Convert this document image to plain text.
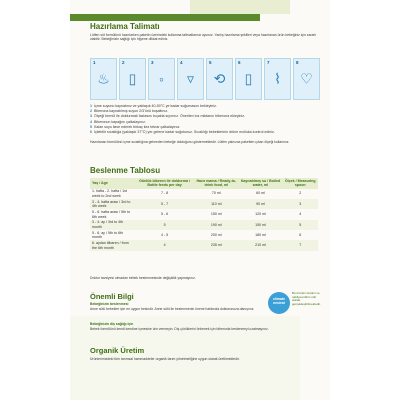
Hazırlama Talimatı
Lütfen süt formülünü hazırlarken paketin üzerindeki kullanma talimatlarına uyunuz. Yanlış hazırlama şekilleri veya hazırlanan ürün bebeğiniz için zararlı olabilir. Bebeğinizin sağlığı için hijyene dikkat ediniz.
1
♨
2
▯
3
◦
4
▿
5
⟲
6
▯
7
⌇
8
♡
1 İçme suyunu kaynatınız ve yaklaşık 40-50°C ye kadar soğumasını bekleyiniz.
2 Biberona kaynatılmış suyun 2/3'ünü boşaltınız.
3 Ölçeği formül ile doldurarak fazlasını bıçakla sıyırınız. Önerilen toz miktarını biberona ekleyiniz.
4 Biberonun kapağını çalkalayınız.
5 Kalan suyu ilave ederek birkaç kez tekrar çalkalayınız.
6 İçilebilir sıcaklığa (yaklaşık 37°C) yer gelene kadar soğutunuz. Sıcaklığı bebeklerinin drüne molluka kontrol ediniz.
Hazırlanan formülünü içme sıcaklığına gelmeden bebeğe dolduğunu göstermektedir. Lütfen yalnızca paketten çıkan ölçeği kullanınız.
Beslenme Tablosu
Yaş / Age	Günlük biberon ile doldurma / Bottle feeds per day	Hazır mama / Ready-to-drink food, ml	Kaynatılmış su / Boiled water, ml	Ölçek / Measuring spoon
1. hafta - 2. hafta / 1st week to 2nd week	7 - 8	70 ml	60 ml	2
3 - 4. hafta arası / 3rd to 4th week	5 - 7	110 ml	90 ml	3
5 - 6. hafta arası / 5th to 6th week	5 - 6	150 ml	120 ml	4
3 - 4. ay / 3rd to 4th month	5	190 ml	150 ml	5
5 - 6. ay / 5th to 6th month	4 - 5	200 ml	180 ml	6
6. aydan itibaren / from the 6th month	4	235 ml	210 ml	7
Doktor tavsiyesi olmadan bebek beslenmesinde değişiklik yapmayınız.
Önemli Bilgi
Bebeğinizin beslenmesi
Anne sütü bebekler için en uygun besindir. Anne sütü ile beslenmenin önemi hakkında doktorunuza danışınız.
Bebeğinizin diş sağlığı için
Bebek formülünü kendi kendine içmesine izin vermeyin. Diş çürüklerini önlemek için biberonla beslenmeyi uzatmayınız.
climate neutral
Bu ürünün üretimi ve nakliyesi iklim nötr olarak gerçekleştirilmektedir.
Organik Üretim
Ürünlerimizdeki tüm tarımsal hammaddeler organik tarım yönetmeliğine uygun olarak üretilmektedir.
